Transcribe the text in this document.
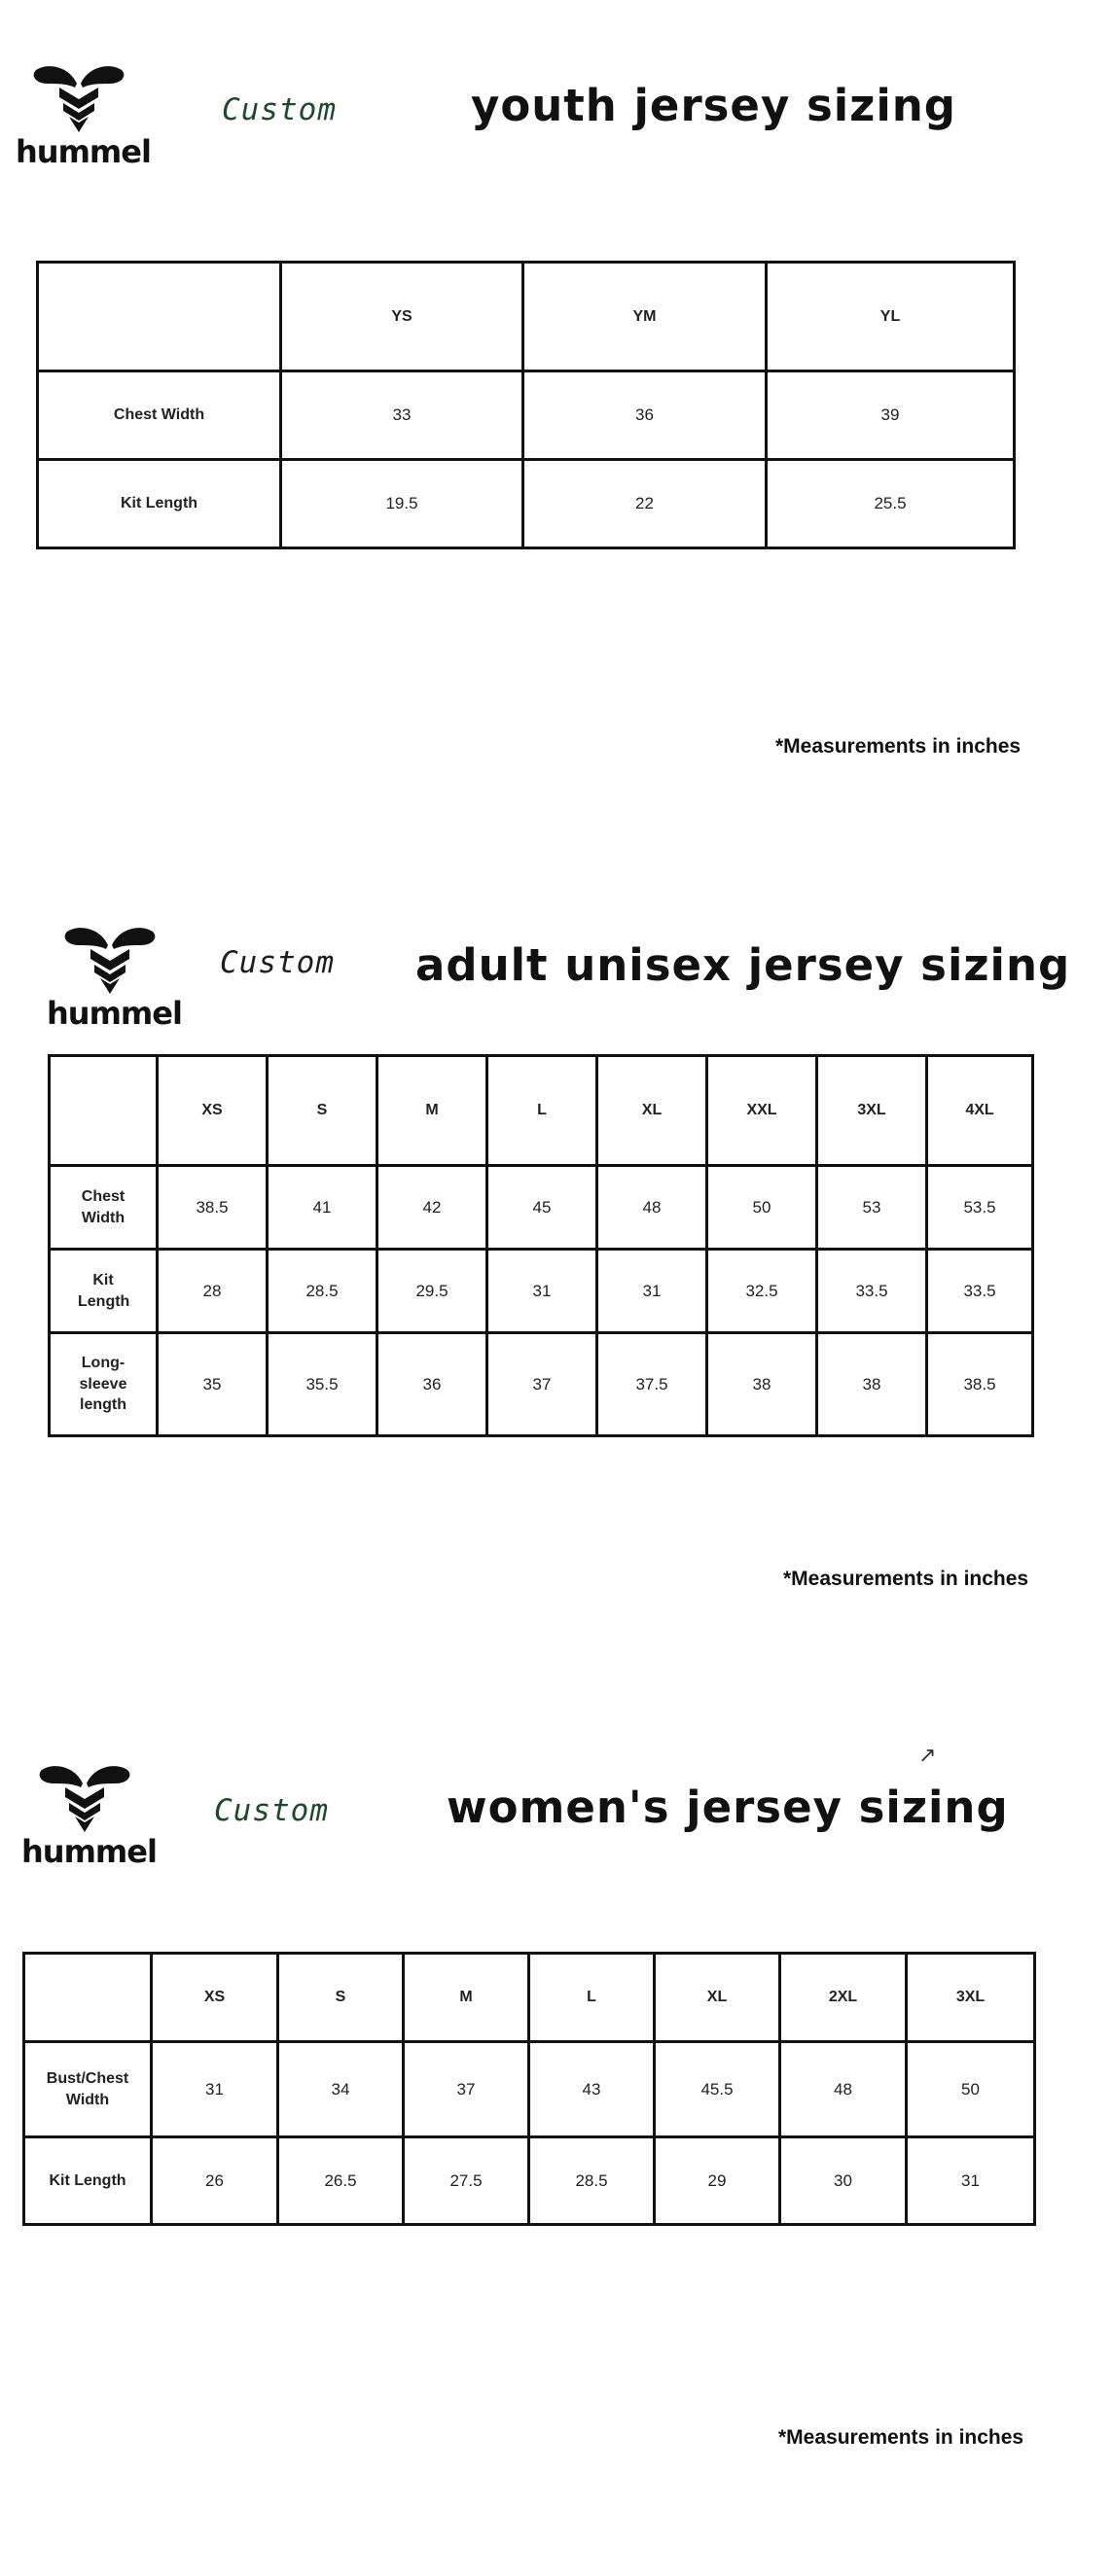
hummel
Custom	youth jersey sizing
	YS	YM	YL
Chest Width	33	36	39
Kit Length	19.5	22	25.5
*Measurements in inches
hummel
Custom adult unisex jersey sizing
	XS	S	M	L	XL	XXL	3XL	4XL
Chest Width	38.5	41	42	45	48	50	53	53.5
Kit Length	28	28.5	29.5	31	31	32.5	33.5	33.5
Long-sleeve length	35	35.5	36	37	37.5	38	38	38.5
*Measurements in inches
↗
hummel
Custom	women's jersey sizing
	XS	S	M	L	XL	2XL	3XL
Bust/Chest Width	31	34	37	43	45.5	48	50
Kit Length	26	26.5	27.5	28.5	29	30	31
*Measurements in inches
